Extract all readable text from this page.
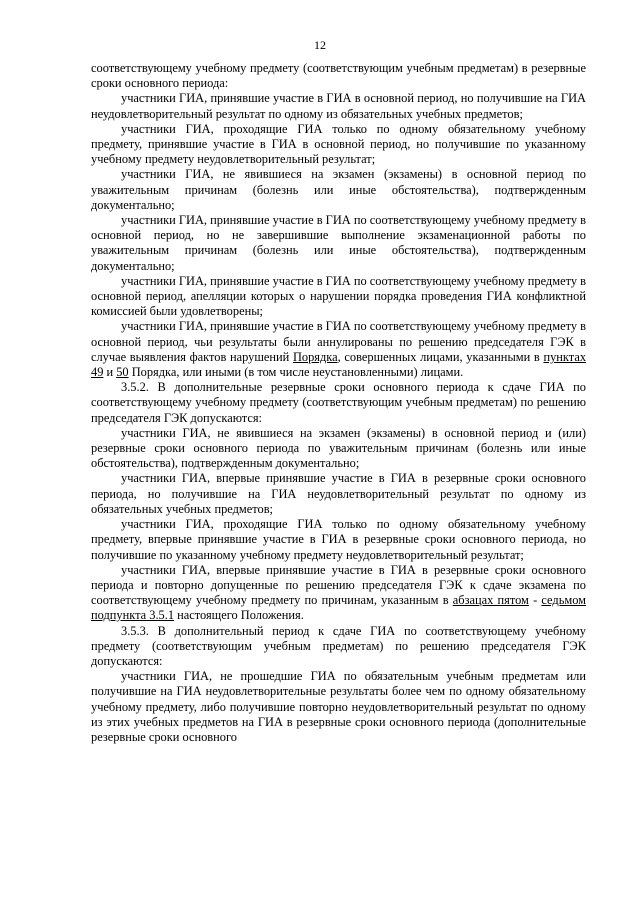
12

соответствующему учебному предмету (соответствующим учебным предметам) в резервные сроки основного периода:

участники ГИА, принявшие участие в ГИА в основной период, но получившие на ГИА неудовлетворительный результат по одному из обязательных учебных предметов;

участники ГИА, проходящие ГИА только по одному обязательному учебному предмету, принявшие участие в ГИА в основной период, но получившие по указанному учебному предмету неудовлетворительный результат;

участники ГИА, не явившиеся на экзамен (экзамены) в основной период по уважительным причинам (болезнь или иные обстоятельства), подтвержденным документально;

участники ГИА, принявшие участие в ГИА по соответствующему учебному предмету в основной период, но не завершившие выполнение экзаменационной работы по уважительным причинам (болезнь или иные обстоятельства), подтвержденным документально;

участники ГИА, принявшие участие в ГИА по соответствующему учебному предмету в основной период, апелляции которых о нарушении порядка проведения ГИА конфликтной комиссией были удовлетворены;

участники ГИА, принявшие участие в ГИА по соответствующему учебному предмету в основной период, чьи результаты были аннулированы по решению председателя ГЭК в случае выявления фактов нарушений Порядка, совершенных лицами, указанными в пунктах 49 и 50 Порядка, или иными (в том числе неустановленными) лицами.

3.5.2. В дополнительные резервные сроки основного периода к сдаче ГИА по соответствующему учебному предмету (соответствующим учебным предметам) по решению председателя ГЭК допускаются:

участники ГИА, не явившиеся на экзамен (экзамены) в основной период и (или) резервные сроки основного периода по уважительным причинам (болезнь или иные обстоятельства), подтвержденным документально;

участники ГИА, впервые принявшие участие в ГИА в резервные сроки основного периода, но получившие на ГИА неудовлетворительный результат по одному из обязательных учебных предметов;

участники ГИА, проходящие ГИА только по одному обязательному учебному предмету, впервые принявшие участие в ГИА в резервные сроки основного периода, но получившие по указанному учебному предмету неудовлетворительный результат;

участники ГИА, впервые принявшие участие в ГИА в резервные сроки основного периода и повторно допущенные по решению председателя ГЭК к сдаче экзамена по соответствующему учебному предмету по причинам, указанным в абзацах пятом - седьмом подпункта 3.5.1 настоящего Положения.

3.5.3. В дополнительный период к сдаче ГИА по соответствующему учебному предмету (соответствующим учебным предметам) по решению председателя ГЭК допускаются:

участники ГИА, не прошедшие ГИА по обязательным учебным предметам или получившие на ГИА неудовлетворительные результаты более чем по одному обязательному учебному предмету, либо получившие повторно неудовлетворительный результат по одному из этих учебных предметов на ГИА в резервные сроки основного периода (дополнительные резервные сроки основного
